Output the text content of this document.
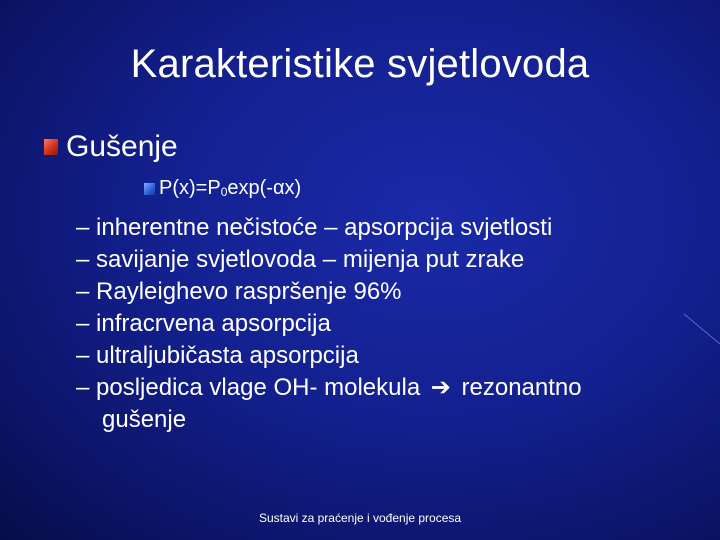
Karakteristike svjetlovoda
Gušenje
P(x)=P0exp(-αx)
– inherentne nečistoće – apsorpcija svjetlosti
– savijanje svjetlovoda – mijenja put zrake
– Rayleighevo raspršenje 96%
– infracrvena apsorpcija
– ultraljubičasta apsorpcija
– posljedica vlage OH- molekula ➔ rezonantno
gušenje
Sustavi za praćenje i vođenje procesa
